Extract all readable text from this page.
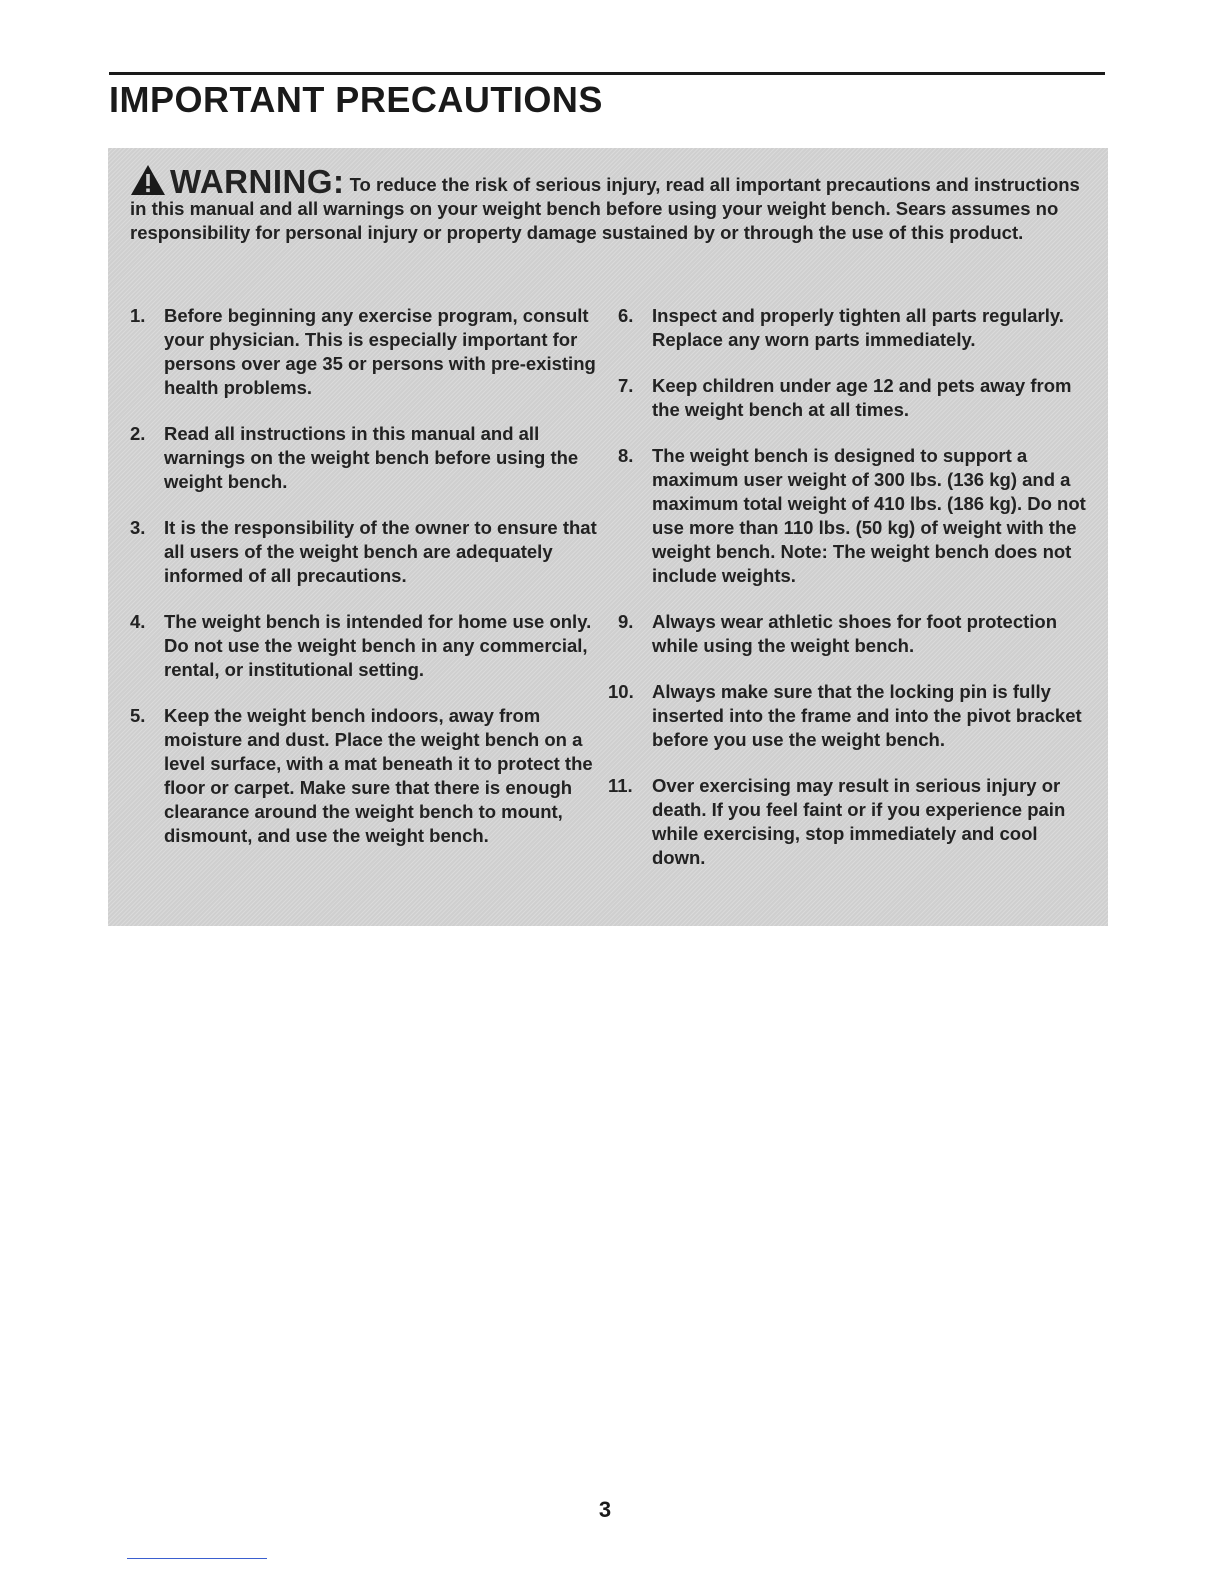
IMPORTANT PRECAUTIONS
WARNING: To reduce the risk of serious injury, read all important precautions and instructions in this manual and all warnings on your weight bench before using your weight bench. Sears assumes no responsibility for personal injury or property damage sustained by or through the use of this product.
1.	Before beginning any exercise program, consult your physician. This is especially important for persons over age 35 or persons with pre-existing health problems.
2.	Read all instructions in this manual and all warnings on the weight bench before using the weight bench.
3.	It is the responsibility of the owner to ensure that all users of the weight bench are adequately informed of all precautions.
4.	The weight bench is intended for home use only. Do not use the weight bench in any commercial, rental, or institutional setting.
5.	Keep the weight bench indoors, away from moisture and dust. Place the weight bench on a level surface, with a mat beneath it to protect the floor or carpet. Make sure that there is enough clearance around the weight bench to mount, dismount, and use the weight bench.
6.	Inspect and properly tighten all parts regularly. Replace any worn parts immediately.
7.	Keep children under age 12 and pets away from the weight bench at all times.
8.	The weight bench is designed to support a maximum user weight of 300 lbs. (136 kg) and a maximum total weight of 410 lbs. (186 kg). Do not use more than 110 lbs. (50 kg) of weight with the weight bench. Note: The weight bench does not include weights.
9.	Always wear athletic shoes for foot protection while using the weight bench.
10. Always make sure that the locking pin is fully inserted into the frame and into the pivot bracket before you use the weight bench.
11.	Over exercising may result in serious injury or death. If you feel faint or if you experience pain while exercising, stop immediately and cool down.
3
